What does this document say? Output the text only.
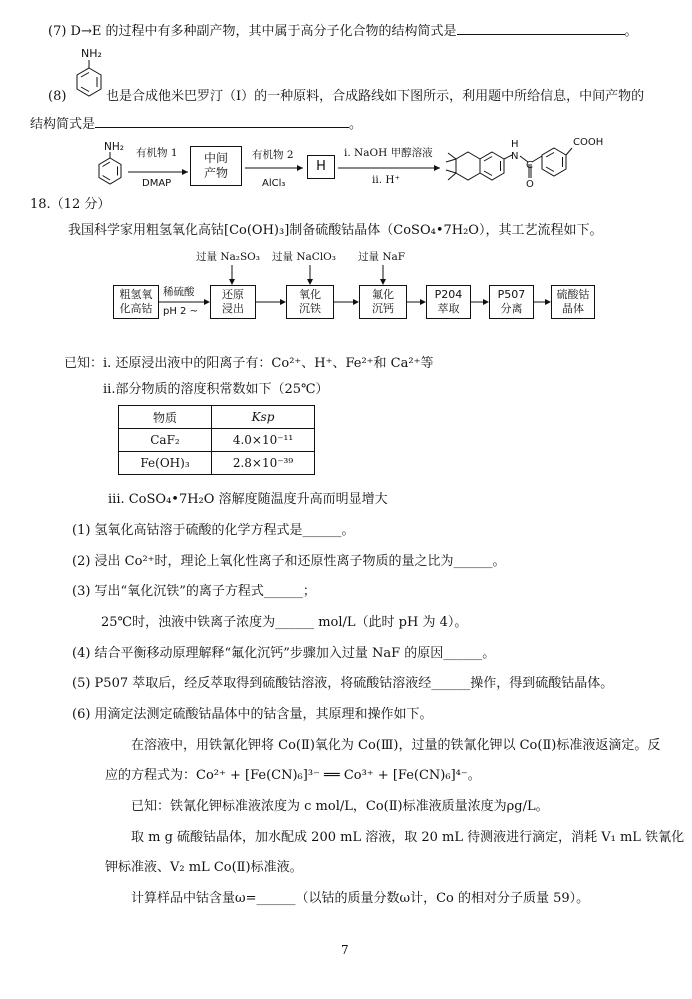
(7) D→E 的过程中有多种副产物，其中属于高分子化合物的结构简式是	。
NH₂
(8)	也是合成他米巴罗汀（I）的一种原料，合成路线如下图所示，利用题中所给信息，中间产物的
结构简式是	。
NH₂ 有机物 1
DMAP
中间
产物
有机物 2
AlCl₃
H
i. NaOH 甲醇溶液
ii. H⁺
COOH
H
N
C
O
18.（12 分）
我国科学家用粗氢氧化高钴[Co(OH)₃]制备硫酸钴晶体（CoSO₄•7H₂O），其工艺流程如下。
过量 Na₂SO₃ 过量 NaClO₃ 过量 NaF
稀硫酸
pH 2 ~
粗氢氧
化高钴
还原
浸出
氧化
沉铁
氟化
沉钙
P204
萃取
P507
分离
硫酸钴
晶体
已知：i. 还原浸出液中的阳离子有：Co²⁺、H⁺、Fe²⁺和 Ca²⁺等
ii.部分物质的溶度积常数如下（25℃）
物质	Ksp
CaF₂	4.0×10⁻¹¹
Fe(OH)₃	2.8×10⁻³⁹
iii. CoSO₄•7H₂O 溶解度随温度升高而明显增大
(1) 氢氧化高钴溶于硫酸的化学方程式是______。
(2) 浸出 Co²⁺时，理论上氧化性离子和还原性离子物质的量之比为______。
(3) 写出“氧化沉铁”的离子方程式______；
25℃时，浊液中铁离子浓度为______ mol/L（此时 pH 为 4）。
(4) 结合平衡移动原理解释“氟化沉钙”步骤加入过量 NaF 的原因______。
(5) P507 萃取后，经反萃取得到硫酸钴溶液，将硫酸钴溶液经______操作，得到硫酸钴晶体。
(6) 用滴定法测定硫酸钴晶体中的钴含量，其原理和操作如下。
在溶液中，用铁氰化钾将 Co(Ⅱ)氧化为 Co(Ⅲ)，过量的铁氰化钾以 Co(Ⅱ)标准液返滴定。反
应的方程式为：Co²⁺ + [Fe(CN)₆]³⁻ ══ Co³⁺ + [Fe(CN)₆]⁴⁻。
已知：铁氰化钾标准液浓度为 c mol/L，Co(Ⅱ)标准液质量浓度为ρg/L。
取 m g 硫酸钴晶体，加水配成 200 mL 溶液，取 20 mL 待测液进行滴定，消耗 V₁ mL 铁氰化
钾标准液、V₂ mL Co(Ⅱ)标准液。
计算样品中钴含量ω=______（以钴的质量分数ω计，Co 的相对分子质量 59）。
7
